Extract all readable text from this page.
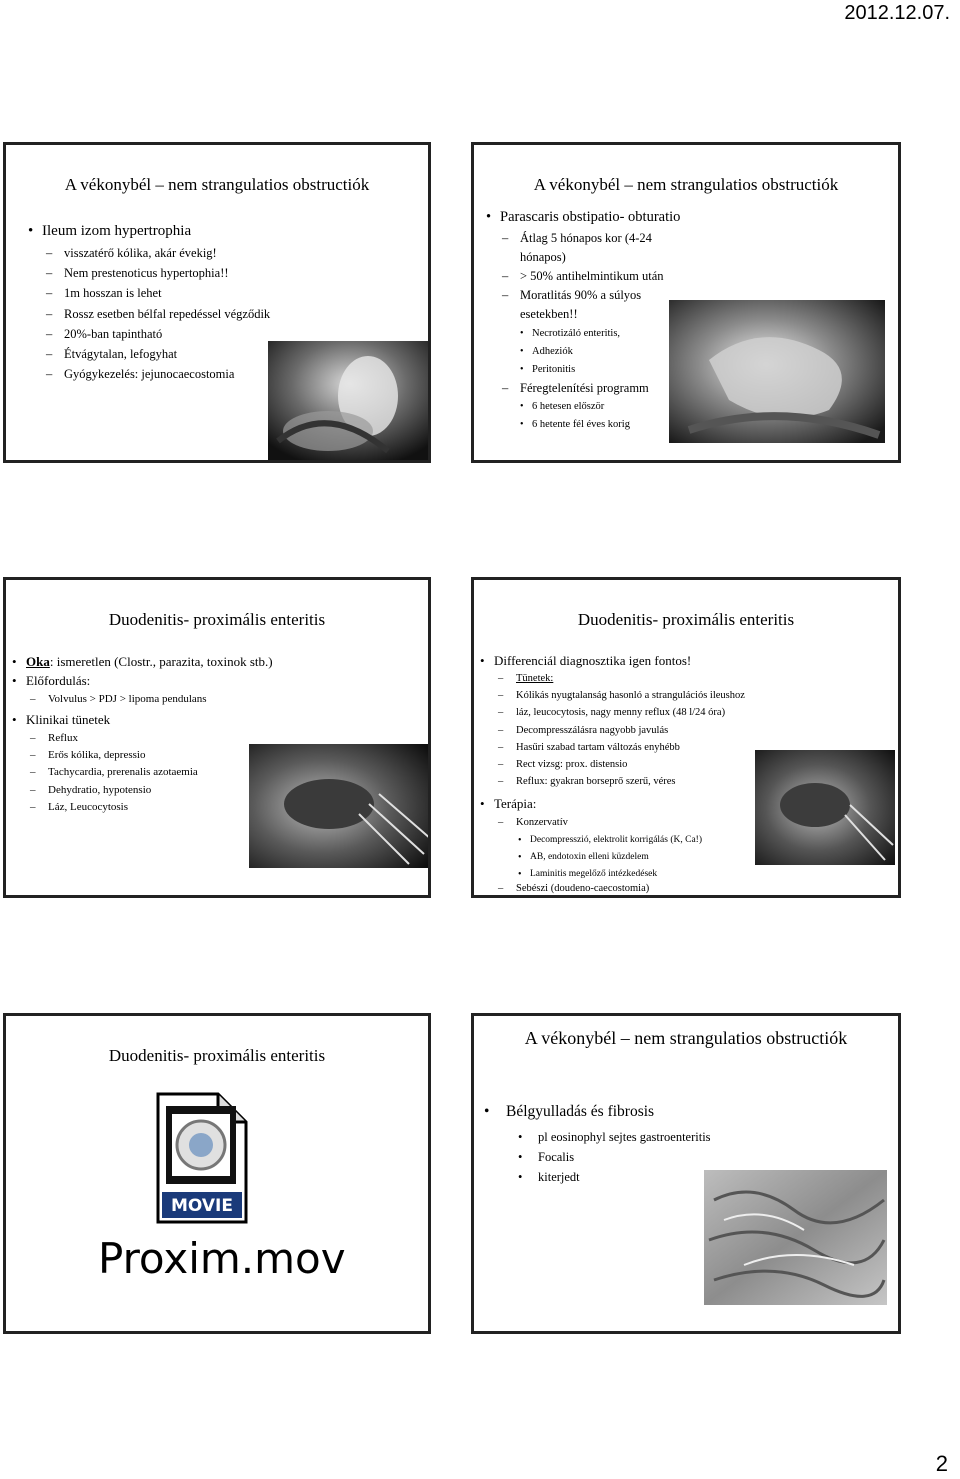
2012.12.07.
A vékonybél – nem strangulatios obstructiók
• Ileum izom hypertrophia
– visszatérő kólika, akár évekig!
– Nem prestenoticus hypertophia!!
– 1m hosszan is lehet
– Rossz esetben bélfal repedéssel végződik
– 20%-ban tapintható
– Étvágytalan, lefogyhat
– Gyógykezelés: jejunocaecostomia
A vékonybél – nem strangulatios obstructiók
• Parascaris obstipatio- obturatio
– Átlag 5 hónapos kor (4-24 hónapos)
– > 50% antihelmintikum után
– Moratlitás 90% a súlyos esetekben!!
• Necrotizáló enteritis,
• Adheziók
• Peritonitis
– Féregtelenítési programm
• 6 hetesen először
• 6 hetente fél éves korig
Duodenitis- proximális enteritis
• Oka: ismeretlen (Clostr., parazita, toxinok stb.)
• Előfordulás:
– Volvulus > PDJ > lipoma pendulans
• Klinikai tünetek
– Reflux
– Erős kólika, depressio
– Tachycardia, prerenalis azotaemia
– Dehydratio, hypotensio
– Láz, Leucocytosis
Duodenitis- proximális enteritis
• Differenciál diagnosztika igen fontos!
– Tünetek:
– Kólikás nyugtalanság hasonló a strangulációs ileushoz
– láz, leucocytosis, nagy menny reflux (48 l/24 óra)
– Decompresszálásra nagyobb javulás
– Hasűri szabad tartam változás enyhébb
– Rect vizsg: prox. distensio
– Reflux: gyakran borseprő szerű, véres
• Terápia:
– Konzervatív
• Decompresszió, elektrolit korrigálás (K, Ca!)
• AB, endotoxin elleni küzdelem
• Laminitis megelőző intézkedések
– Sebészi (doudeno-caecostomia)
Duodenitis- proximális enteritis
MOVIE
Proxim.mov
A vékonybél – nem strangulatios obstructiók
• Bélgyulladás és fibrosis
• pl eosinophyl sejtes gastroenteritis
• Focalis
• kiterjedt
2
